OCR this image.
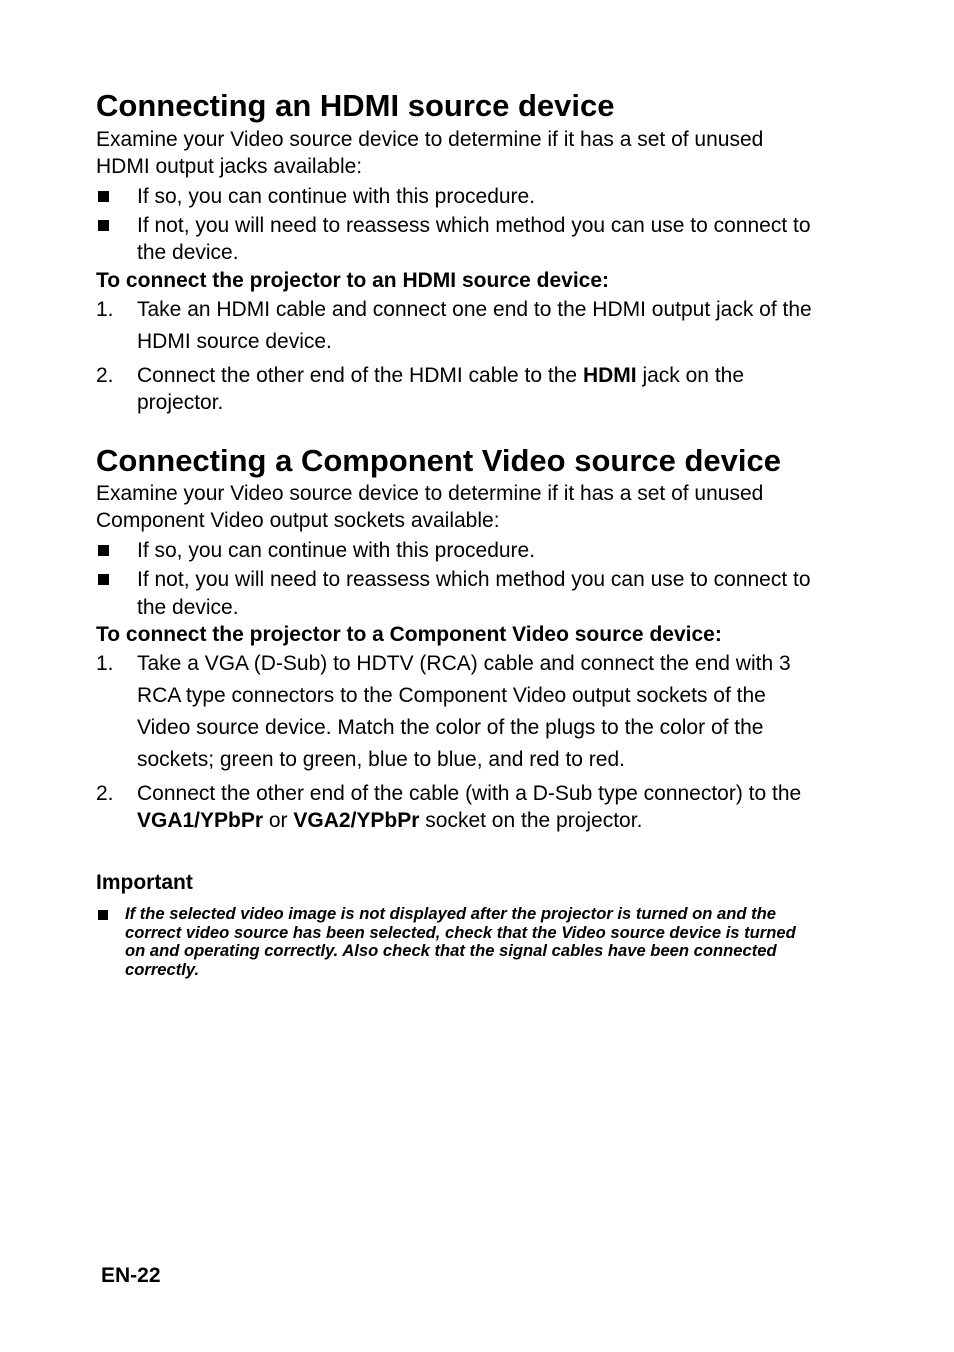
Connecting an HDMI source device
Examine your Video source device to determine if it has a set of unused
HDMI output jacks available:
If so, you can continue with this procedure.
If not, you will need to reassess which method you can use to connect to
the device.
To connect the projector to an HDMI source device:
1. Take an HDMI cable and connect one end to the HDMI output jack of the
HDMI source device.
2. Connect the other end of the HDMI cable to the HDMI jack on the
projector.
Connecting a Component Video source device
Examine your Video source device to determine if it has a set of unused
Component Video output sockets available:
If so, you can continue with this procedure.
If not, you will need to reassess which method you can use to connect to
the device.
To connect the projector to a Component Video source device:
1. Take a VGA (D-Sub) to HDTV (RCA) cable and connect the end with 3
RCA type connectors to the Component Video output sockets of the
Video source device. Match the color of the plugs to the color of the
sockets; green to green, blue to blue, and red to red.
2. Connect the other end of the cable (with a D-Sub type connector) to the
VGA1/YPbPr or VGA2/YPbPr socket on the projector.
Important
If the selected video image is not displayed after the projector is turned on and the
correct video source has been selected, check that the Video source device is turned
on and operating correctly. Also check that the signal cables have been connected
correctly.
EN-22
